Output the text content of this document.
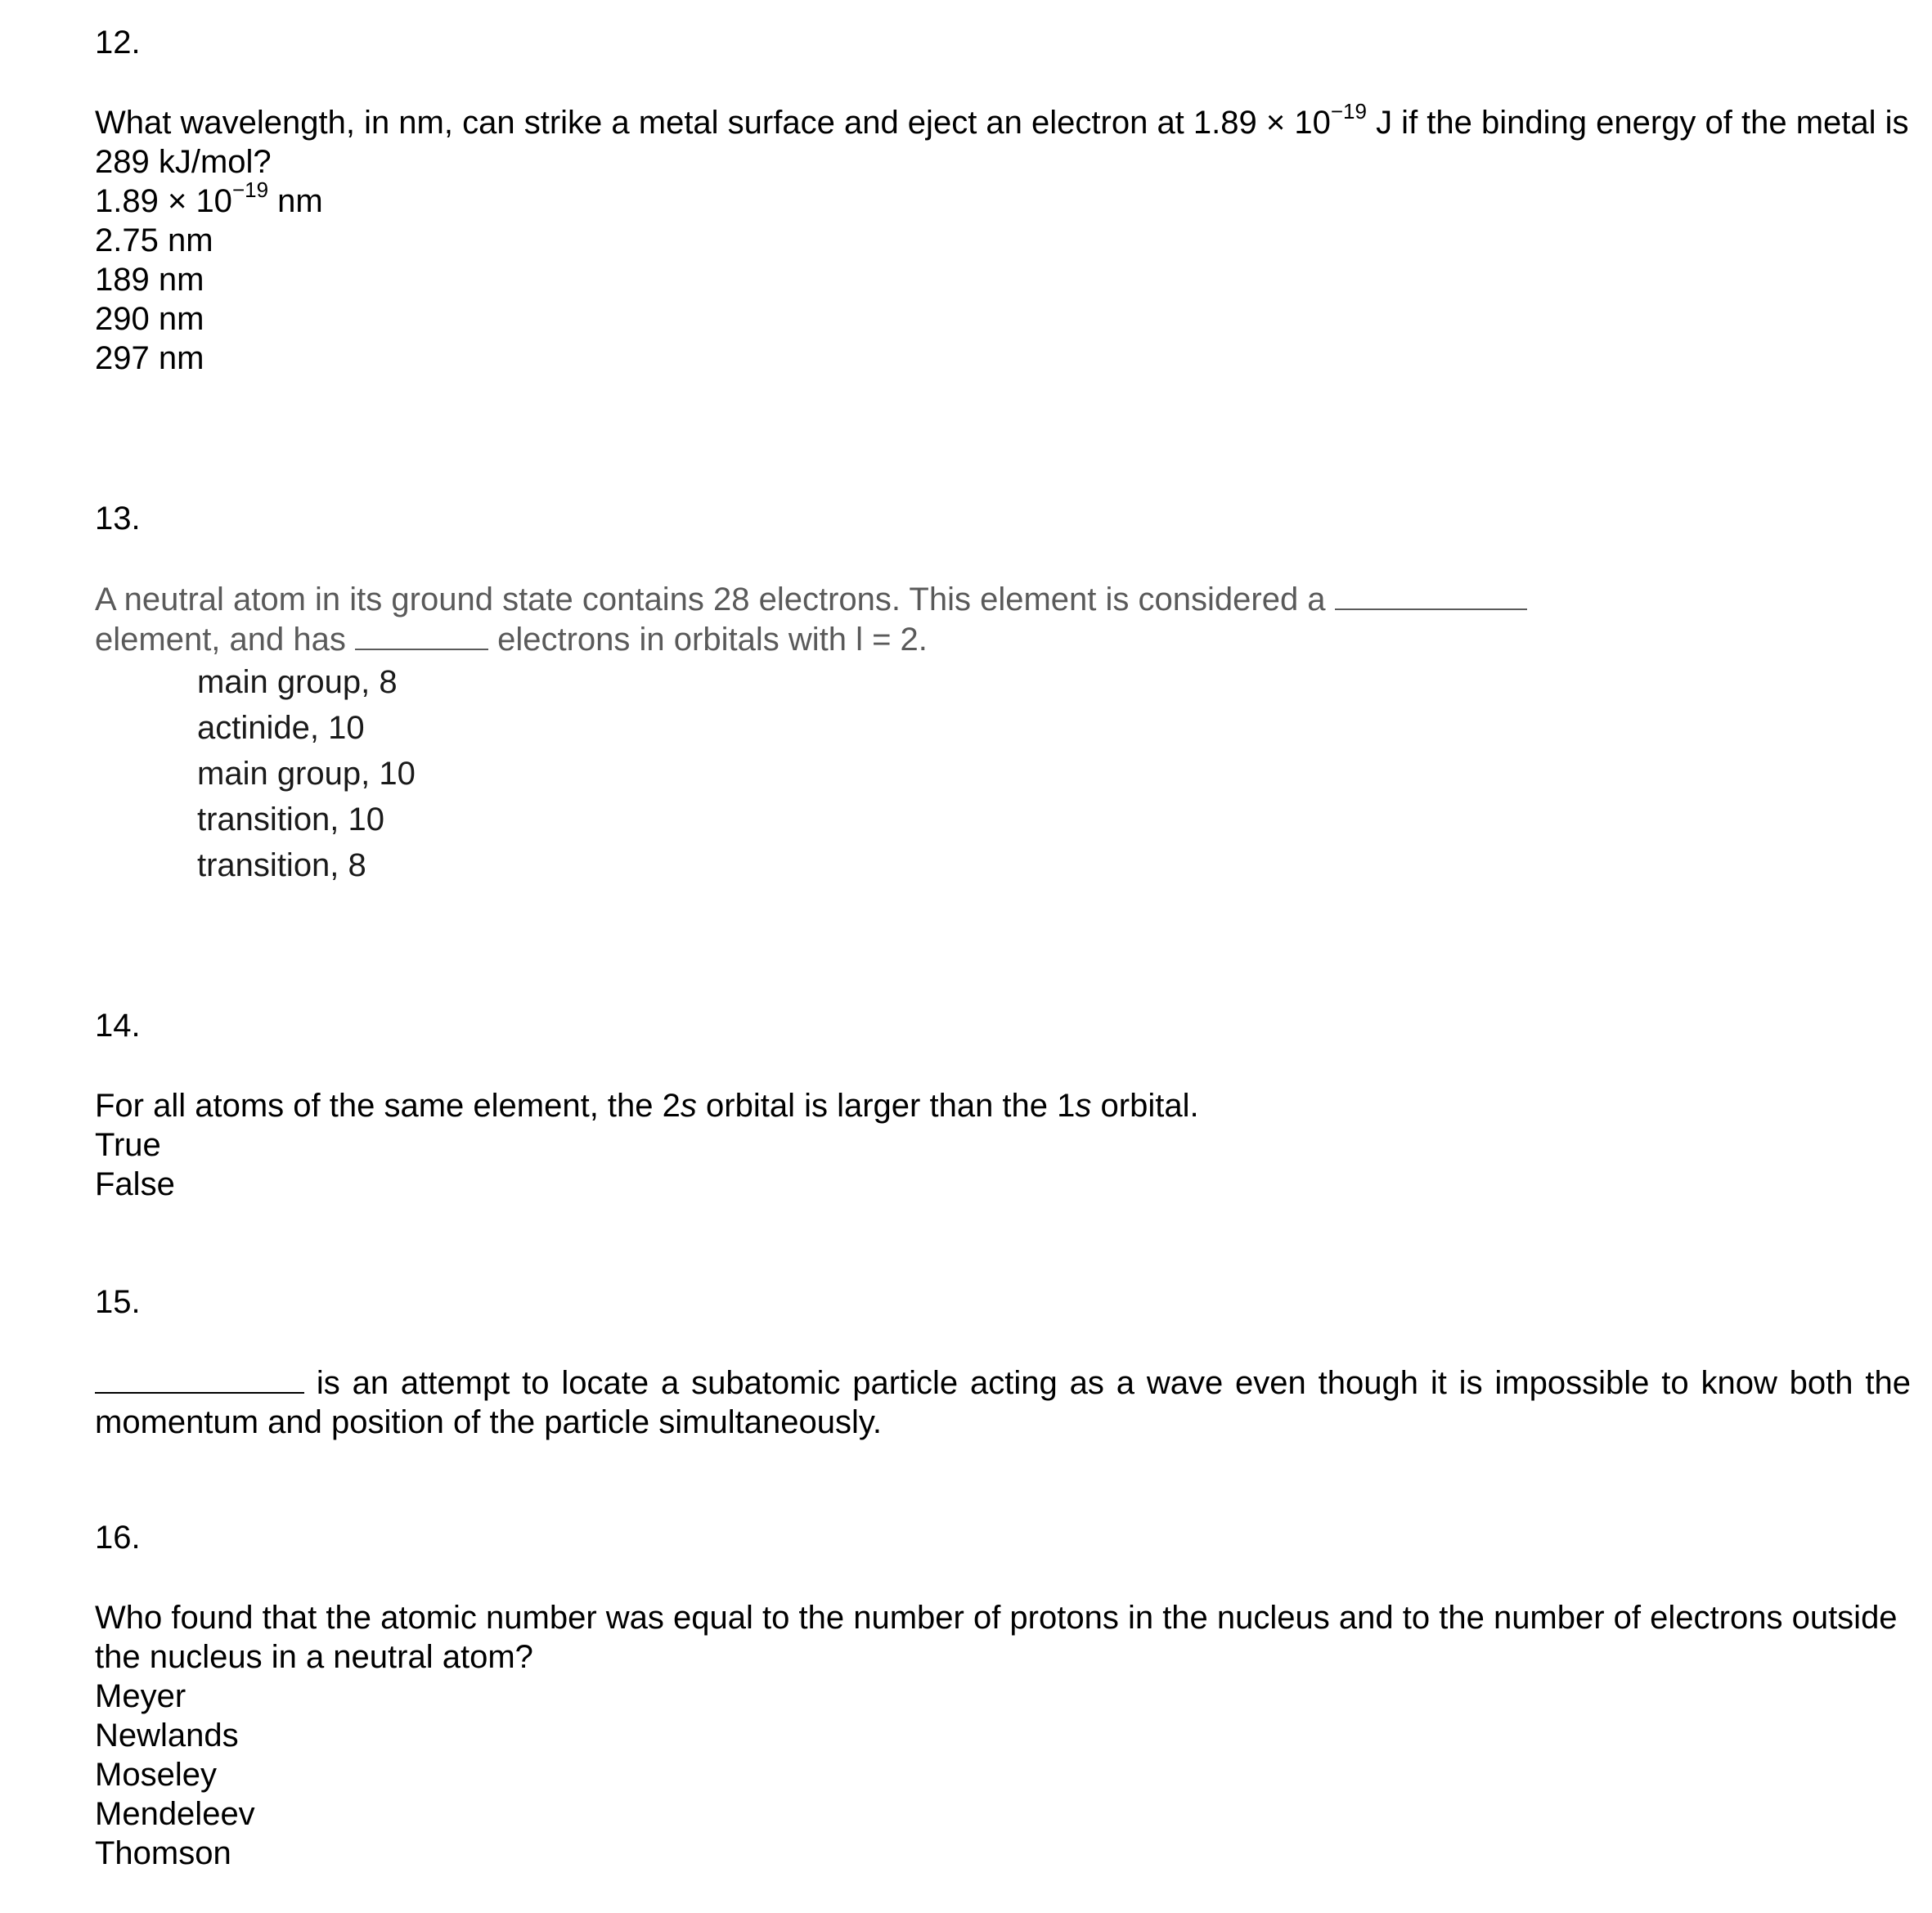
12.
What wavelength, in nm, can strike a metal surface and eject an electron at $1.89 \times 10^{-19}$ J if the binding energy of the metal is 289 kJ/mol?
$1.89 \times 10^{-19}$ nm
2.75 nm
189 nm
290 nm
297 nm
13.
A neutral atom in its ground state contains 28 electrons. This element is considered a
element, and has	electrons in orbitals with l = 2.
main group, 8
actinide, 10
main group, 10
transition, 10
transition, 8
14.
For all atoms of the same element, the 2s orbital is larger than the 1s orbital.
True
False
15.
is an attempt to locate a subatomic particle acting as a wave even though it is impossible to know both the momentum and position of the particle simultaneously.
16.
Who found that the atomic number was equal to the number of protons in the nucleus and to the number of electrons outside the nucleus in a neutral atom?
Meyer
Newlands
Moseley
Mendeleev
Thomson
